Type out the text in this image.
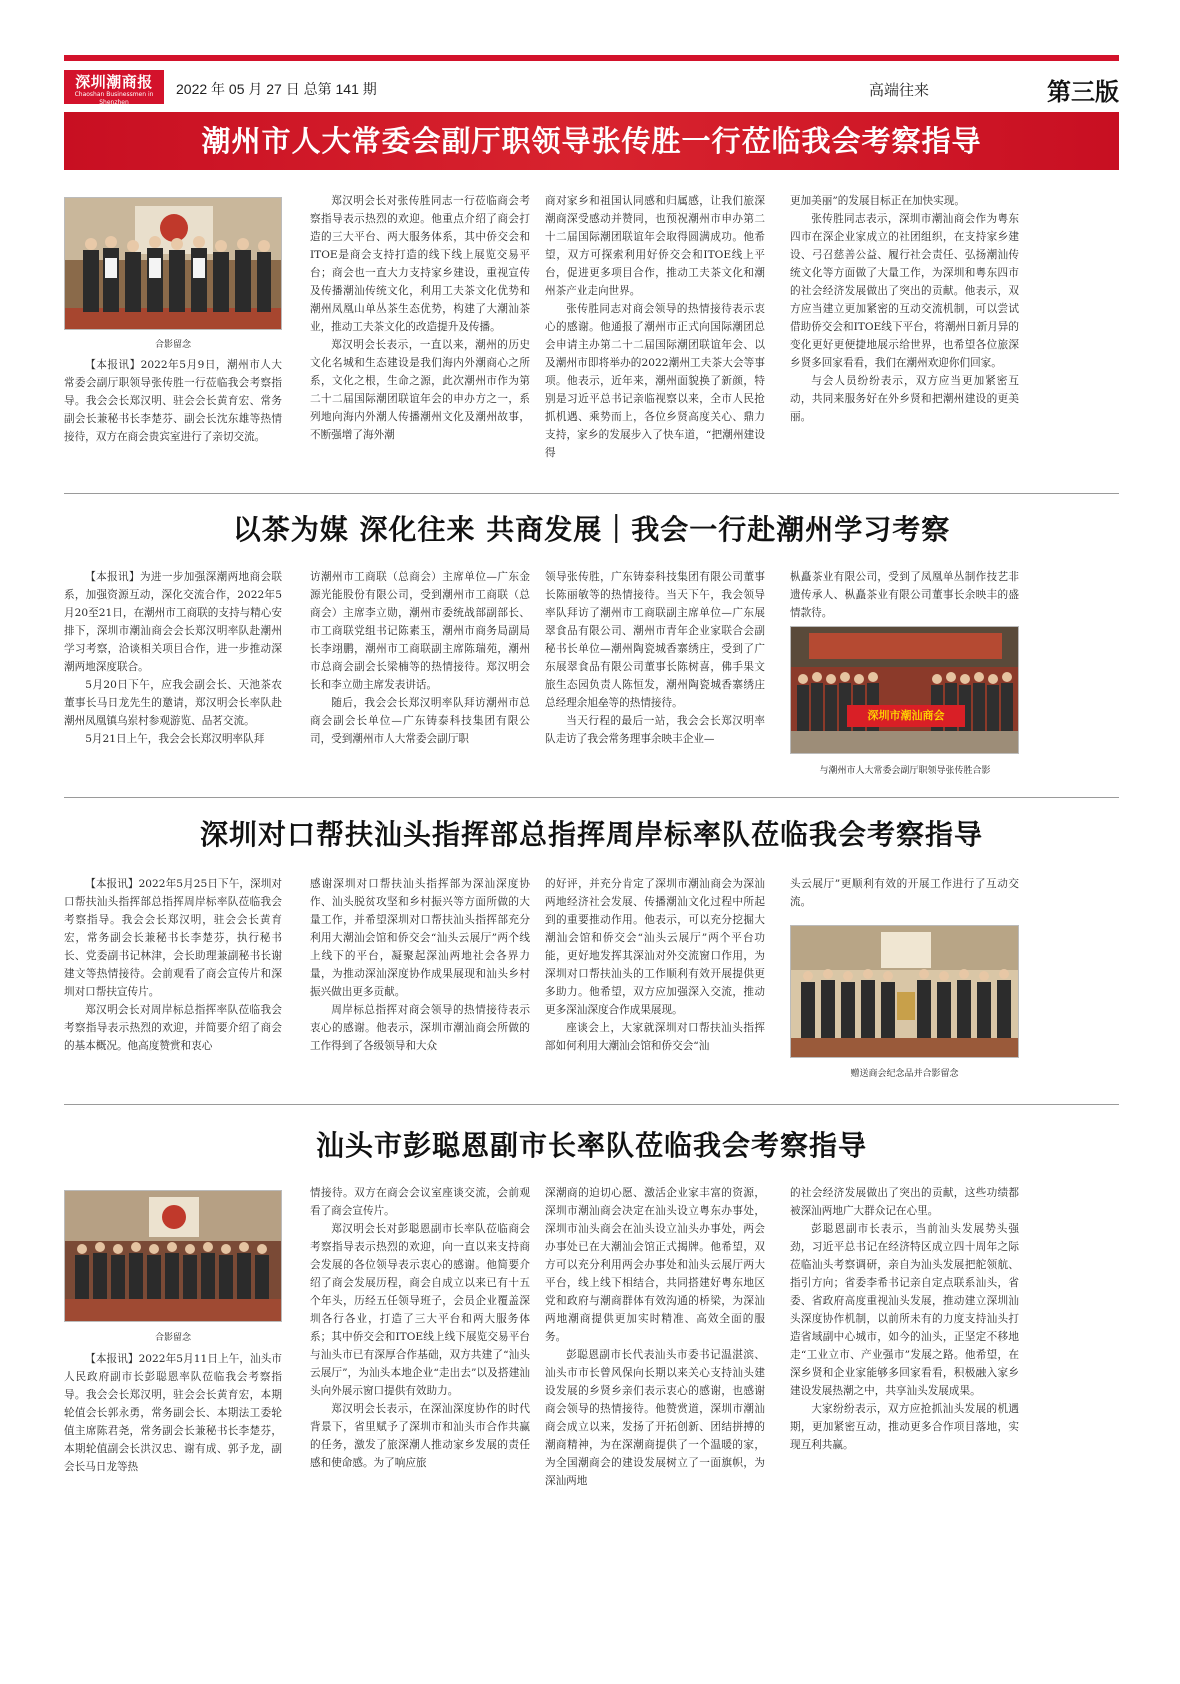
深圳潮商报
Chaoshan Businessmen in Shenzhen
2022 年 05 月 27 日 总第 141 期	高端往来	第三版
潮州市人大常委会副厅职领导张传胜一行莅临我会考察指导
合影留念

【本报讯】2022年5月9日，潮州市人大常委会副厅职领导张传胜一行莅临我会考察指导。我会会长郑汉明、驻会会长黄育宏、常务副会长兼秘书长李楚芬、副会长沈东雄等热情接待，双方在商会贵宾室进行了亲切交流。

郑汉明会长对张传胜同志一行莅临商会考察指导表示热烈的欢迎。他重点介绍了商会打造的三大平台、两大服务体系，其中侨交会和ITOE是商会支持打造的线下线上展览交易平台；商会也一直大力支持家乡建设，重视宣传及传播潮汕传统文化，利用工夫茶文化优势和潮州凤凰山单丛茶生态优势，构建了大潮汕茶业，推动工夫茶文化的改造提升及传播。

郑汉明会长表示，一直以来，潮州的历史文化名城和生态建设是我们海内外潮商心之所系，文化之根，生命之源，此次潮州市作为第二十二届国际潮团联谊年会的申办方之一，系列地向海内外潮人传播潮州文化及潮州故事，不断强增了海外潮

商对家乡和祖国认同感和归属感，让我们旅深潮商深受感动并赞同，也预祝潮州市申办第二十二届国际潮团联谊年会取得圆满成功。他希望，双方可探索利用好侨交会和ITOE线上平台，促进更多项目合作，推动工夫茶文化和潮州茶产业走向世界。

张传胜同志对商会领导的热情接待表示衷心的感谢。他通报了潮州市正式向国际潮团总会申请主办第二十二届国际潮团联谊年会、以及潮州市即将举办的2022潮州工夫茶大会等事项。他表示，近年来，潮州面貌换了新颜，特别是习近平总书记亲临视察以来，全市人民抢抓机遇、乘势而上，各位乡贤高度关心、鼎力支持，家乡的发展步入了快车道，“把潮州建设得

更加美丽”的发展目标正在加快实现。

张传胜同志表示，深圳市潮汕商会作为粤东四市在深企业家成立的社团组织，在支持家乡建设、弓召慈善公益、履行社会责任、弘扬潮汕传统文化等方面做了大量工作，为深圳和粤东四市的社会经济发展做出了突出的贡献。他表示，双方应当建立更加紧密的互动交流机制，可以尝试借助侨交会和ITOE线下平台，将潮州日新月异的变化更好更便捷地展示给世界，也希望各位旅深乡贤多回家看看，我们在潮州欢迎你们回家。

与会人员纷纷表示，双方应当更加紧密互动，共同来服务好在外乡贤和把潮州建设的更美丽。

以茶为媒 深化往来 共商发展｜我会一行赴潮州学习考察

【本报讯】为进一步加强深潮两地商会联系，加强资源互动，深化交流合作，2022年5月20至21日，在潮州市工商联的支持与精心安排下，深圳市潮汕商会会长郑汉明率队赴潮州学习考察，洽谈相关项目合作，进一步推动深潮两地深度联合。

5月20日下午，应我会副会长、天池茶农董事长马日龙先生的邀请，郑汉明会长率队赴潮州凤凰镇乌岽村参观游览、品茗交流。

5月21日上午，我会会长郑汉明率队拜

访潮州市工商联（总商会）主席单位—广东金源光能股份有限公司，受到潮州市工商联（总商会）主席李立勋，潮州市委统战部副部长、市工商联党组书记陈素玉，潮州市商务局副局长李翊鹏，潮州市工商联副主席陈瑞苑，潮州市总商会副会长梁楠等的热情接待。郑汉明会长和李立勋主席发表讲话。

随后，我会会长郑汉明率队拜访潮州市总商会副会长单位—广东铸泰科技集团有限公司，受到潮州市人大常委会副厅职

领导张传胜，广东铸泰科技集团有限公司董事长陈丽敏等的热情接待。当天下午，我会领导率队拜访了潮州市工商联副主席单位—广东展翠食品有限公司、潮州市青年企业家联合会副秘书长单位—潮州陶瓷城香寨绣庄，受到了广东展翠食品有限公司董事长陈树喜，佛手果文旅生态园负责人陈恒发，潮州陶瓷城香寨绣庄总经理余旭垒等的热情接待。

当天行程的最后一站，我会会长郑汉明率队走访了我会常务理事余映丰企业—

枞矗茶业有限公司，受到了凤凰单丛制作技艺非遗传承人、枞矗茶业有限公司董事长余映丰的盛情款待。

深圳市潮汕商会
与潮州市人大常委会副厅职领导张传胜合影
深圳对口帮扶汕头指挥部总指挥周岸标率队莅临我会考察指导

【本报讯】2022年5月25日下午，深圳对口帮扶汕头指挥部总指挥周岸标率队莅临我会考察指导。我会会长郑汉明，驻会会长黄育宏，常务副会长兼秘书长李楚芬，执行秘书长、党委副书记林津，会长助理兼副秘书长谢建文等热情接待。会前观看了商会宣传片和深圳对口帮扶宣传片。

郑汉明会长对周岸标总指挥率队莅临我会考察指导表示热烈的欢迎，并简要介绍了商会的基本概况。他高度赞赏和衷心

感谢深圳对口帮扶汕头指挥部为深汕深度协作、汕头脱贫攻坚和乡村振兴等方面所做的大量工作，并希望深圳对口帮扶汕头指挥部充分利用大潮汕会馆和侨交会“汕头云展厅”两个线上线下的平台，凝聚起深汕两地社会各界力量，为推动深汕深度协作成果展现和汕头乡村振兴做出更多贡献。

周岸标总指挥对商会领导的热情接待表示衷心的感谢。他表示，深圳市潮汕商会所做的工作得到了各级领导和大众

的好评，并充分肯定了深圳市潮汕商会为深汕两地经济社会发展、传播潮汕文化过程中所起到的重要推动作用。他表示，可以充分挖掘大潮汕会馆和侨交会“汕头云展厅”两个平台功能，更好地发挥其深汕对外交流窗口作用，为深圳对口帮扶汕头的工作顺利有效开展提供更多助力。他希望，双方应加强深入交流，推动更多深汕深度合作成果展现。

座谈会上，大家就深圳对口帮扶汕头指挥部如何利用大潮汕会馆和侨交会“汕

头云展厅”更顺利有效的开展工作进行了互动交流。

赠送商会纪念品并合影留念
汕头市彭聪恩副市长率队莅临我会考察指导
合影留念

【本报讯】2022年5月11日上午，汕头市人民政府副市长彭聪恩率队莅临我会考察指导。我会会长郑汉明，驻会会长黄育宏，本期轮值会长郭永勇，常务副会长、本期法工委轮值主席陈君尧，常务副会长兼秘书长李楚芬，本期轮值副会长洪汉忠、谢有成、郭予龙，副会长马日龙等热

情接待。双方在商会会议室座谈交流，会前观看了商会宣传片。

郑汉明会长对彭聪恩副市长率队莅临商会考察指导表示热烈的欢迎，向一直以来支持商会发展的各位领导表示衷心的感谢。他简要介绍了商会发展历程，商会自成立以来已有十五个年头，历经五任领导班子，会员企业覆盖深圳各行各业，打造了三大平台和两大服务体系；其中侨交会和ITOE线上线下展览交易平台与汕头市已有深厚合作基础，双方共建了“汕头云展厅”，为汕头本地企业“走出去”以及搭建汕头向外展示窗口提供有效助力。

郑汉明会长表示，在深汕深度协作的时代背景下，省里赋予了深圳市和汕头市合作共赢的任务，激发了旅深潮人推动家乡发展的责任感和使命感。为了响应旅

深潮商的迫切心愿、激活企业家丰富的资源，深圳市潮汕商会决定在汕头设立粤东办事处，深圳市汕头商会在汕头设立汕头办事处，两会办事处已在大潮汕会馆正式揭牌。他希望，双方可以充分利用两会办事处和汕头云展厅两大平台，线上线下相结合，共同搭建好粤东地区党和政府与潮商群体有效沟通的桥梁，为深汕两地潮商提供更加实时精准、高效全面的服务。

彭聪恩副市长代表汕头市委书记温湛滨、汕头市市长曾风保向长期以来关心支持汕头建设发展的乡贤乡亲们表示衷心的感谢，也感谢商会领导的热情接待。他赞赏道，深圳市潮汕商会成立以来，发扬了开拓创新、团结拼搏的潮商精神，为在深潮商提供了一个温暖的家，为全国潮商会的建设发展树立了一面旗帜，为深汕两地

的社会经济发展做出了突出的贡献，这些功绩都被深汕两地广大群众记在心里。

彭聪恩副市长表示，当前汕头发展势头强劲，习近平总书记在经济特区成立四十周年之际莅临汕头考察调研，亲自为汕头发展把舵领航、指引方向；省委李希书记亲自定点联系汕头，省委、省政府高度重视汕头发展，推动建立深圳汕头深度协作机制，以前所未有的力度支持汕头打造省域副中心城市，如今的汕头，正坚定不移地走“工业立市、产业强市”发展之路。他希望，在深乡贤和企业家能够多回家看看，积极融入家乡建设发展热潮之中，共享汕头发展成果。

大家纷纷表示，双方应抢抓汕头发展的机遇期，更加紧密互动，推动更多合作项目落地，实现互利共赢。
